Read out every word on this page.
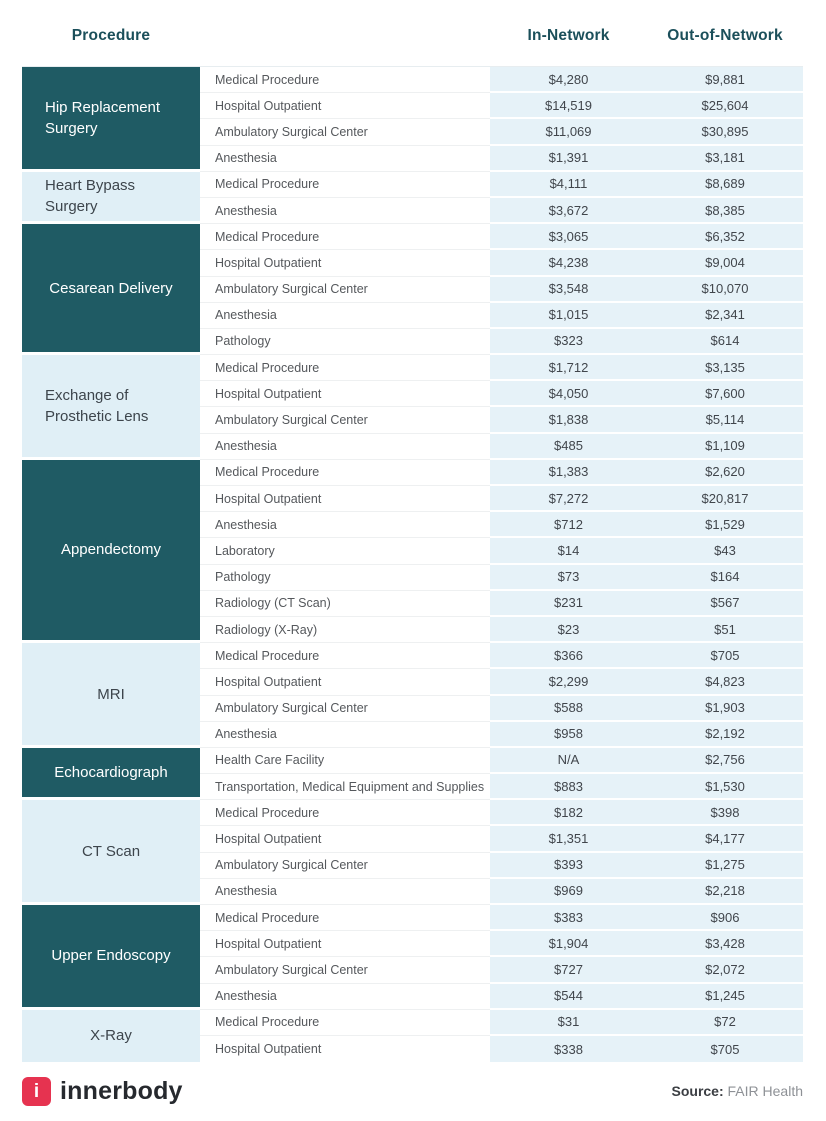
Procedure	In-Network	Out-of-Network
Hip Replacement Surgery
Medical Procedure	$4,280	$9,881
Hospital Outpatient	$14,519	$25,604
Ambulatory Surgical Center	$11,069	$30,895
Anesthesia	$1,391	$3,181
Heart Bypass Surgery
Medical Procedure	$4,111	$8,689
Anesthesia	$3,672	$8,385
Cesarean Delivery
Medical Procedure	$3,065	$6,352
Hospital Outpatient	$4,238	$9,004
Ambulatory Surgical Center	$3,548	$10,070
Anesthesia	$1,015	$2,341
Pathology	$323	$614
Exchange of Prosthetic Lens
Medical Procedure	$1,712	$3,135
Hospital Outpatient	$4,050	$7,600
Ambulatory Surgical Center	$1,838	$5,114
Anesthesia	$485	$1,109
Appendectomy
Medical Procedure	$1,383	$2,620
Hospital Outpatient	$7,272	$20,817
Anesthesia	$712	$1,529
Laboratory	$14	$43
Pathology	$73	$164
Radiology (CT Scan)	$231	$567
Radiology (X-Ray)	$23	$51
MRI
Medical Procedure	$366	$705
Hospital Outpatient	$2,299	$4,823
Ambulatory Surgical Center	$588	$1,903
Anesthesia	$958	$2,192
Echocardiograph
Health Care Facility	N/A	$2,756
Transportation, Medical Equipment and Supplies	$883	$1,530
CT Scan
Medical Procedure	$182	$398
Hospital Outpatient	$1,351	$4,177
Ambulatory Surgical Center	$393	$1,275
Anesthesia	$969	$2,218
Upper Endoscopy
Medical Procedure	$383	$906
Hospital Outpatient	$1,904	$3,428
Ambulatory Surgical Center	$727	$2,072
Anesthesia	$544	$1,245
X-Ray
Medical Procedure	$31	$72
Hospital Outpatient	$338	$705
i innerbody	Source: FAIR Health
